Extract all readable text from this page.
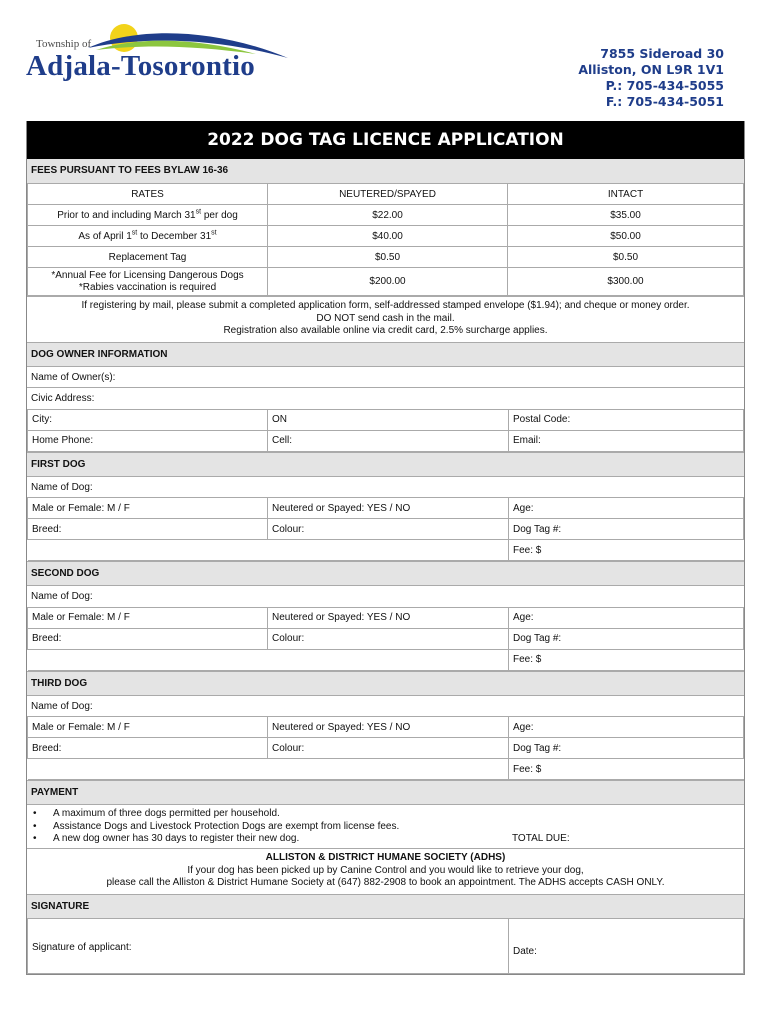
Township of
Adjala-Tosorontio	7855 Sideroad 30
Alliston, ON L9R 1V1
P.: 705-434-5055
F.: 705-434-5051
2022 DOG TAG LICENCE APPLICATION
FEES PURSUANT TO FEES BYLAW 16-36
RATES	NEUTERED/SPAYED	INTACT
Prior to and including March 31st per dog	$22.00	$35.00
As of April 1st to December 31st	$40.00	$50.00
Replacement Tag	$0.50	$0.50

*Annual Fee for Licensing Dangerous Dogs
*Rabies vaccination is required	$200.00	$300.00
If registering by mail, please submit a completed application form, self-addressed stamped envelope ($1.94); and cheque or money order.
DO NOT send cash in the mail.
Registration also available online via credit card, 2.5% surcharge applies.
DOG OWNER INFORMATION
Name of Owner(s):
Civic Address:
City:	ON	Postal Code:
Home Phone:	Cell:	Email:
FIRST DOG
Name of Dog:
Male or Female: M / F	Neutered or Spayed: YES / NO	Age:
Breed:	Colour:	Dog Tag #:
		Fee: $
SECOND DOG
Name of Dog:
Male or Female: M / F	Neutered or Spayed: YES / NO	Age:
Breed:	Colour:	Dog Tag #:
		Fee: $
THIRD DOG
Name of Dog:
Male or Female: M / F	Neutered or Spayed: YES / NO	Age:
Breed:	Colour:	Dog Tag #:
		Fee: $
PAYMENT
• A maximum of three dogs permitted per household.
• Assistance Dogs and Livestock Protection Dogs are exempt from license fees.
• A new dog owner has 30 days to register their new dog.	TOTAL DUE:
ALLISTON & DISTRICT HUMANE SOCIETY (ADHS)
If your dog has been picked up by Canine Control and you would like to retrieve your dog,
please call the Alliston & District Humane Society at (647) 882-2908 to book an appointment. The ADHS accepts CASH ONLY.
SIGNATURE
Signature of applicant:	Date:
